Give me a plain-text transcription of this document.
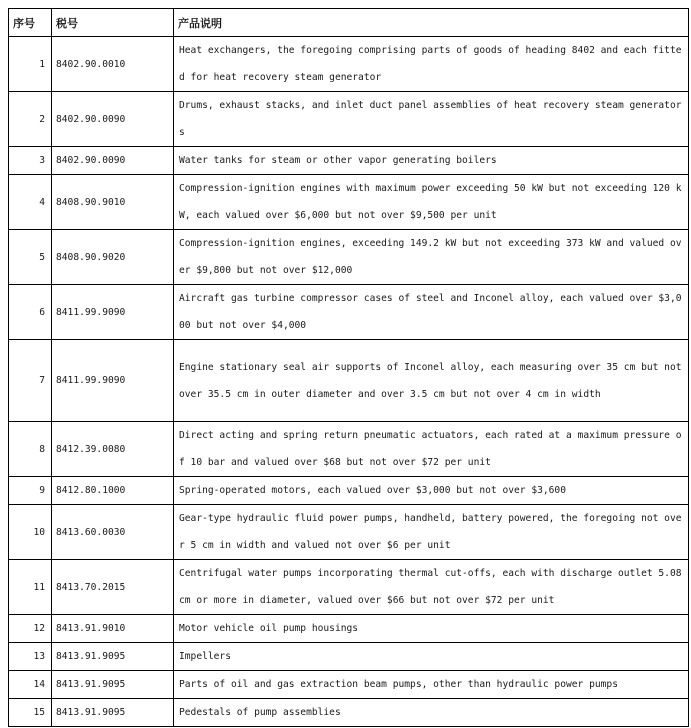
序号	税号	产品说明
1	8402.90.0010	Heat exchangers, the foregoing comprising parts of goods of heading 8402 and each fitted for heat recovery steam generator
2	8402.90.0090	Drums, exhaust stacks, and inlet duct panel assemblies of heat recovery steam generators
3	8402.90.0090	Water tanks for steam or other vapor generating boilers
4	8408.90.9010	Compression-ignition engines with maximum power exceeding 50 kW but not exceeding 120 kW, each valued over $6,000 but not over $9,500 per unit
5	8408.90.9020	Compression-ignition engines, exceeding 149.2 kW but not exceeding 373 kW and valued over $9,800 but not over $12,000
6	8411.99.9090	Aircraft gas turbine compressor cases of steel and Inconel alloy, each valued over $3,000 but not over $4,000
7	8411.99.9090	Engine stationary seal air supports of Inconel alloy, each measuring over 35 cm but not over 35.5 cm in outer diameter and over 3.5 cm but not over 4 cm in width
8	8412.39.0080	Direct acting and spring return pneumatic actuators, each rated at a maximum pressure of 10 bar and valued over $68 but not over $72 per unit
9	8412.80.1000	Spring-operated motors, each valued over $3,000 but not over $3,600
10	8413.60.0030	Gear-type hydraulic fluid power pumps, handheld, battery powered, the foregoing not over 5 cm in width and valued not over $6 per unit
11	8413.70.2015	Centrifugal water pumps incorporating thermal cut-offs, each with discharge outlet 5.08 cm or more in diameter, valued over $66 but not over $72 per unit
12	8413.91.9010	Motor vehicle oil pump housings
13	8413.91.9095	Impellers
14	8413.91.9095	Parts of oil and gas extraction beam pumps, other than hydraulic power pumps
15	8413.91.9095	Pedestals of pump assemblies
